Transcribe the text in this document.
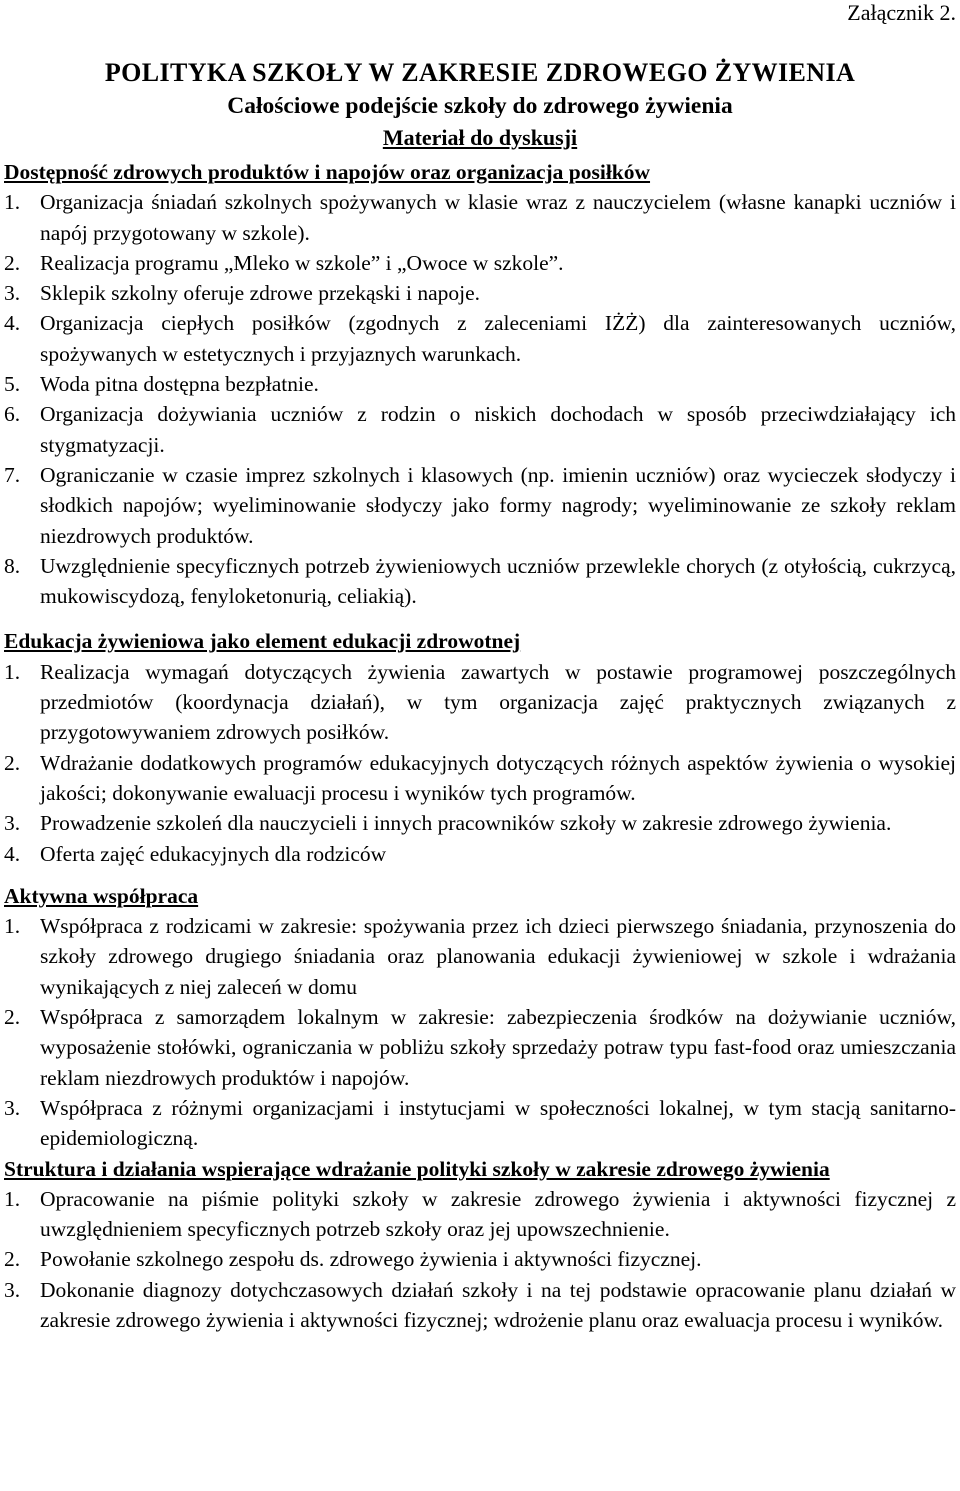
Załącznik 2.
POLITYKA SZKOŁY W ZAKRESIE ZDROWEGO ŻYWIENIA
Całościowe podejście szkoły do zdrowego żywienia
Materiał do dyskusji
Dostępność zdrowych produktów i napojów oraz organizacja posiłków
1. Organizacja śniadań szkolnych spożywanych w klasie wraz z nauczycielem (własne kanapki uczniów i napój przygotowany w szkole).
2. Realizacja programu „Mleko w szkole” i „Owoce w szkole”.
3. Sklepik szkolny oferuje zdrowe przekąski i napoje.
4. Organizacja ciepłych posiłków (zgodnych z zaleceniami IŻŻ) dla zainteresowanych uczniów, spożywanych w estetycznych i przyjaznych warunkach.
5. Woda pitna dostępna bezpłatnie.
6. Organizacja dożywiania uczniów z rodzin o niskich dochodach w sposób przeciwdziałający ich stygmatyzacji.
7. Ograniczanie w czasie imprez szkolnych i klasowych (np. imienin uczniów) oraz wycieczek słodyczy i słodkich napojów; wyeliminowanie słodyczy jako formy nagrody; wyeliminowanie ze szkoły reklam niezdrowych produktów.
8. Uwzględnienie specyficznych potrzeb żywieniowych uczniów przewlekle chorych (z otyłością, cukrzycą, mukowiscydozą, fenyloketonurią, celiakią).
Edukacja żywieniowa jako element edukacji zdrowotnej
1. Realizacja wymagań dotyczących żywienia zawartych w postawie programowej poszczególnych przedmiotów (koordynacja działań), w tym organizacja zajęć praktycznych związanych z przygotowywaniem zdrowych posiłków.
2. Wdrażanie dodatkowych programów edukacyjnych dotyczących różnych aspektów żywienia o wysokiej jakości; dokonywanie ewaluacji procesu i wyników tych programów.
3. Prowadzenie szkoleń dla nauczycieli i innych pracowników szkoły w zakresie zdrowego żywienia.
4. Oferta zajęć edukacyjnych dla rodziców
Aktywna współpraca
1. Współpraca z rodzicami w zakresie: spożywania przez ich dzieci pierwszego śniadania, przynoszenia do szkoły zdrowego drugiego śniadania oraz planowania edukacji żywieniowej w szkole i wdrażania wynikających z niej zaleceń w domu
2. Współpraca z samorządem lokalnym w zakresie: zabezpieczenia środków na dożywianie uczniów, wyposażenie stołówki, ograniczania w pobliżu szkoły sprzedaży potraw typu fast-food oraz umieszczania reklam niezdrowych produktów i napojów.
3. Współpraca z różnymi organizacjami i instytucjami w społeczności lokalnej, w tym stacją sanitarno-epidemiologiczną.
Struktura i działania wspierające wdrażanie polityki szkoły w zakresie zdrowego żywienia
1. Opracowanie na piśmie polityki szkoły w zakresie zdrowego żywienia i aktywności fizycznej z uwzględnieniem specyficznych potrzeb szkoły oraz jej upowszechnienie.
2. Powołanie szkolnego zespołu ds. zdrowego żywienia i aktywności fizycznej.
3. Dokonanie diagnozy dotychczasowych działań szkoły i na tej podstawie opracowanie planu działań w zakresie zdrowego żywienia i aktywności fizycznej; wdrożenie planu oraz ewaluacja procesu i wyników.
